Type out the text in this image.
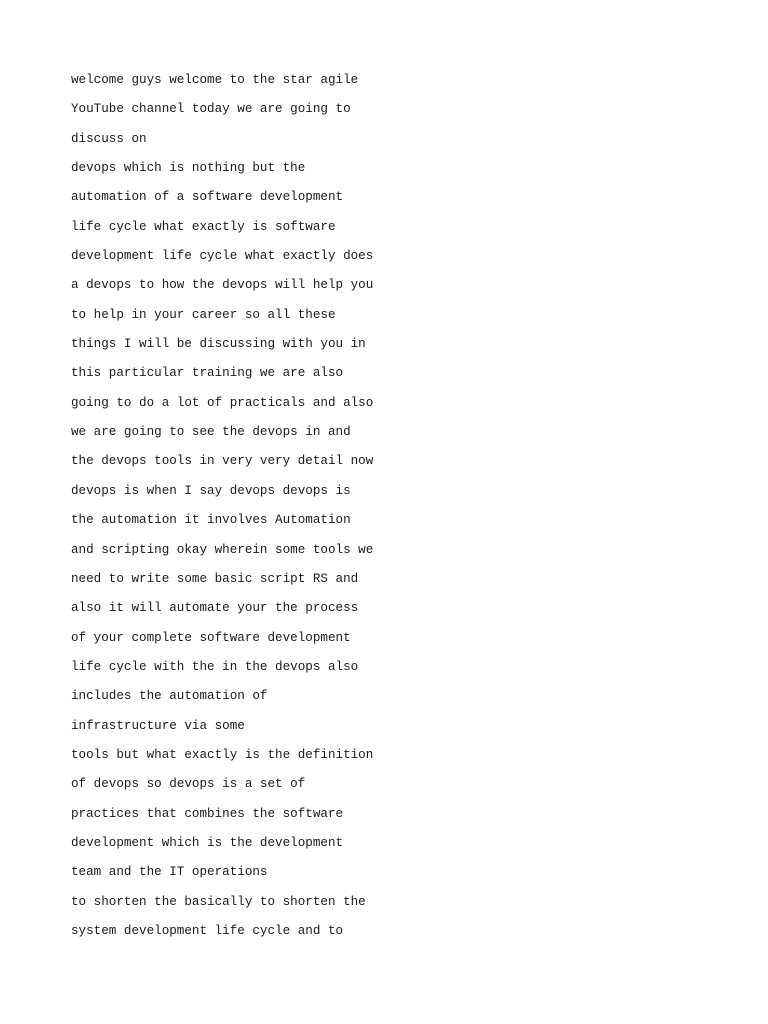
welcome guys welcome to the star agile
YouTube channel today we are going to
discuss on
devops which is nothing but the
automation of a software development
life cycle what exactly is software
development life cycle what exactly does
a devops to how the devops will help you
to help in your career so all these
things I will be discussing with you in
this particular training we are also
going to do a lot of practicals and also
we are going to see the devops in and
the devops tools in very very detail now
devops is when I say devops devops is
the automation it involves Automation
and scripting okay wherein some tools we
need to write some basic script RS and
also it will automate your the process
of your complete software development
life cycle with the in the devops also
includes the automation of
infrastructure via some
tools but what exactly is the definition
of devops so devops is a set of
practices that combines the software
development which is the development
team and the IT operations
to shorten the basically to shorten the
system development life cycle and to
